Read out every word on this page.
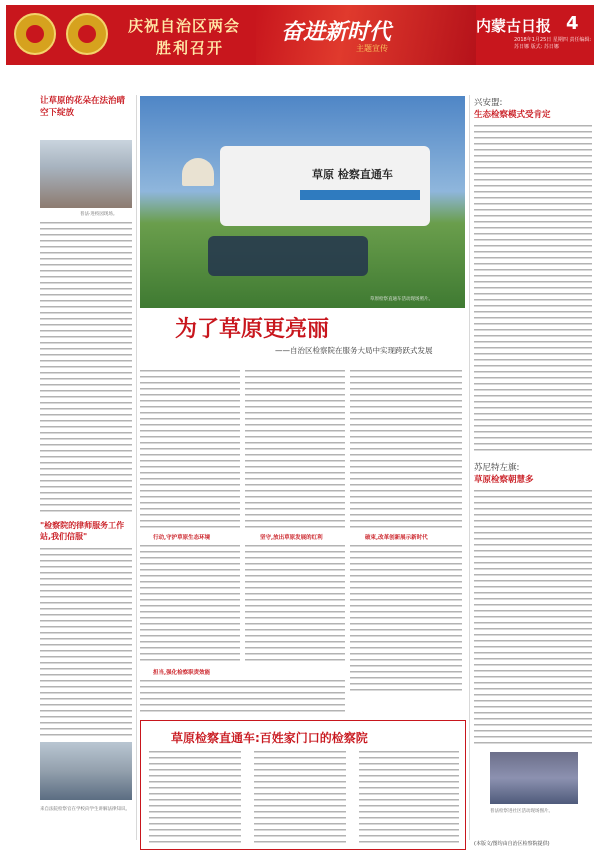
庆祝自治区两会
胜利召开
奋进新时代
主题宣传
内蒙古日报 4
2018年1月25日 星期四 责任编辑: 苏日娜 版式: 苏日娜
让草原的花朵在法治晴空下绽放
普法·进校园现场。
"检察院的律师服务工作站,我们信服"
来自法院检察官在学校向学生讲解法律知识。
草原 检察直通车
草原检察直通车活动现场照片。
为了草原更亮丽
——自治区检察院在服务大局中实现跨跃式发展
行动,守护草原生态环境	坚守,放出草原发展的红利	破束,改革创新展示新时代
担当,强化检察职责效能
草原检察直通车:百姓家门口的检察院
兴安盟:
生态检察模式受肯定
苏尼特左旗:
草原检察朝慧多
普法检察进社区活动现场图片。
(本版文/图均由自治区检察院提供)
